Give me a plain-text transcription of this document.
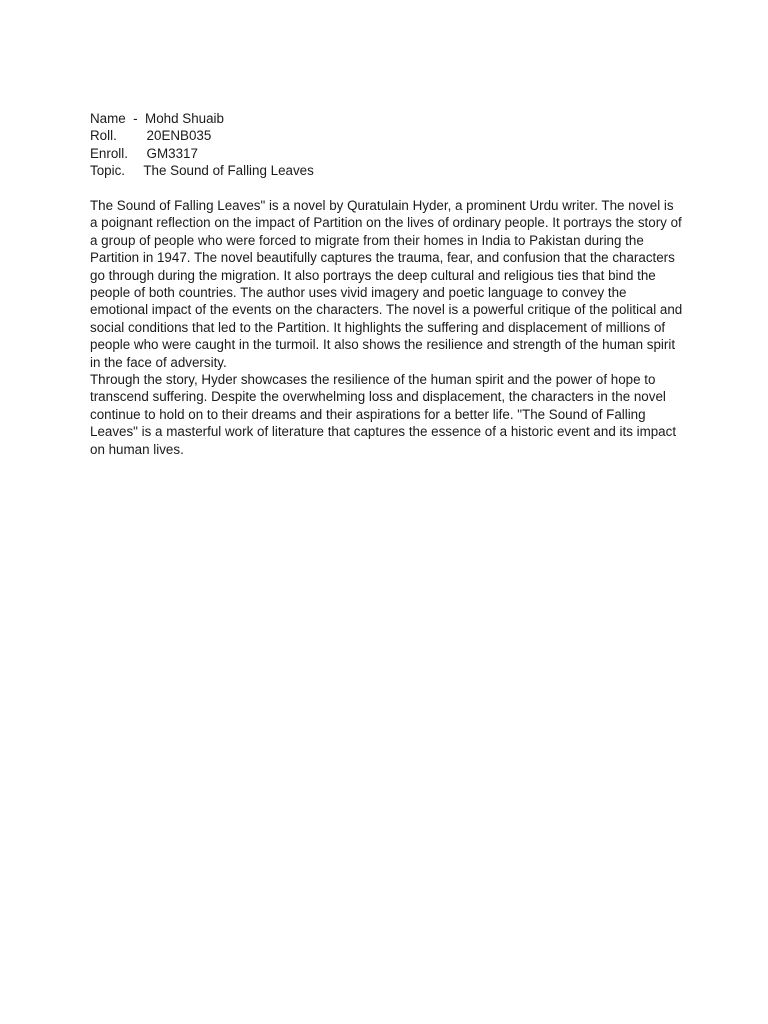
Name  -  Mohd Shuaib

Roll.        20ENB035

Enroll.     GM3317

Topic.     The Sound of Falling Leaves

The Sound of Falling Leaves" is a novel by Quratulain Hyder, a prominent Urdu writer. The novel is a poignant reflection on the impact of Partition on the lives of ordinary people. It portrays the story of a group of people who were forced to migrate from their homes in India to Pakistan during the Partition in 1947. The novel beautifully captures the trauma, fear, and confusion that the characters go through during the migration. It also portrays the deep cultural and religious ties that bind the people of both countries. The author uses vivid imagery and poetic language to convey the emotional impact of the events on the characters. The novel is a powerful critique of the political and social conditions that led to the Partition. It highlights the suffering and displacement of millions of people who were caught in the turmoil. It also shows the resilience and strength of the human spirit in the face of adversity.

Through the story, Hyder showcases the resilience of the human spirit and the power of hope to transcend suffering. Despite the overwhelming loss and displacement, the characters in the novel continue to hold on to their dreams and their aspirations for a better life. "The Sound of Falling Leaves" is a masterful work of literature that captures the essence of a historic event and its impact on human lives.
